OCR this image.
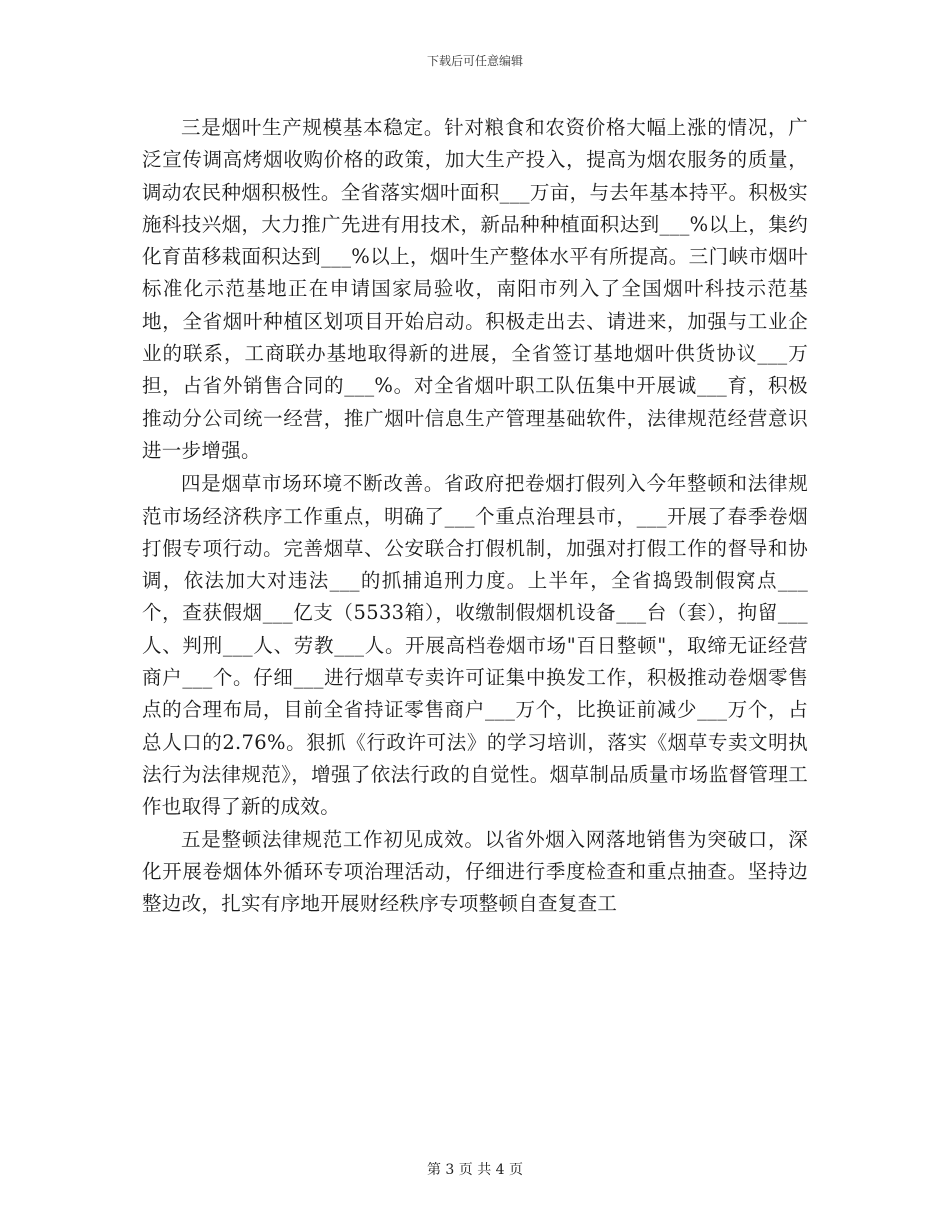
下载后可任意编辑

三是烟叶生产规模基本稳定。针对粮食和农资价格大幅上涨的情况，广泛宣传调高烤烟收购价格的政策，加大生产投入，提高为烟农服务的质量，调动农民种烟积极性。全省落实烟叶面积___万亩，与去年基本持平。积极实施科技兴烟，大力推广先进有用技术，新品种种植面积达到___%以上，集约化育苗移栽面积达到___%以上，烟叶生产整体水平有所提高。三门峡市烟叶标准化示范基地正在申请国家局验收，南阳市列入了全国烟叶科技示范基地，全省烟叶种植区划项目开始启动。积极走出去、请进来，加强与工业企业的联系，工商联办基地取得新的进展，全省签订基地烟叶供货协议___万担，占省外销售合同的___%。对全省烟叶职工队伍集中开展诚___育，积极推动分公司统一经营，推广烟叶信息生产管理基础软件，法律规范经营意识进一步增强。

四是烟草市场环境不断改善。省政府把卷烟打假列入今年整顿和法律规范市场经济秩序工作重点，明确了___个重点治理县市，___开展了春季卷烟打假专项行动。完善烟草、公安联合打假机制，加强对打假工作的督导和协调，依法加大对违法___的抓捕追刑力度。上半年，全省捣毁制假窝点___个，查获假烟___亿支（5533箱），收缴制假烟机设备___台（套），拘留___人、判刑___人、劳教___人。开展高档卷烟市场"百日整顿"，取缔无证经营商户___个。仔细___进行烟草专卖许可证集中换发工作，积极推动卷烟零售点的合理布局，目前全省持证零售商户___万个，比换证前减少___万个，占总人口的2.76%。狠抓《行政许可法》的学习培训，落实《烟草专卖文明执法行为法律规范》，增强了依法行政的自觉性。烟草制品质量市场监督管理工作也取得了新的成效。

五是整顿法律规范工作初见成效。以省外烟入网落地销售为突破口，深化开展卷烟体外循环专项治理活动，仔细进行季度检查和重点抽查。坚持边整边改，扎实有序地开展财经秩序专项整顿自查复查工

第 3 页 共 4 页
